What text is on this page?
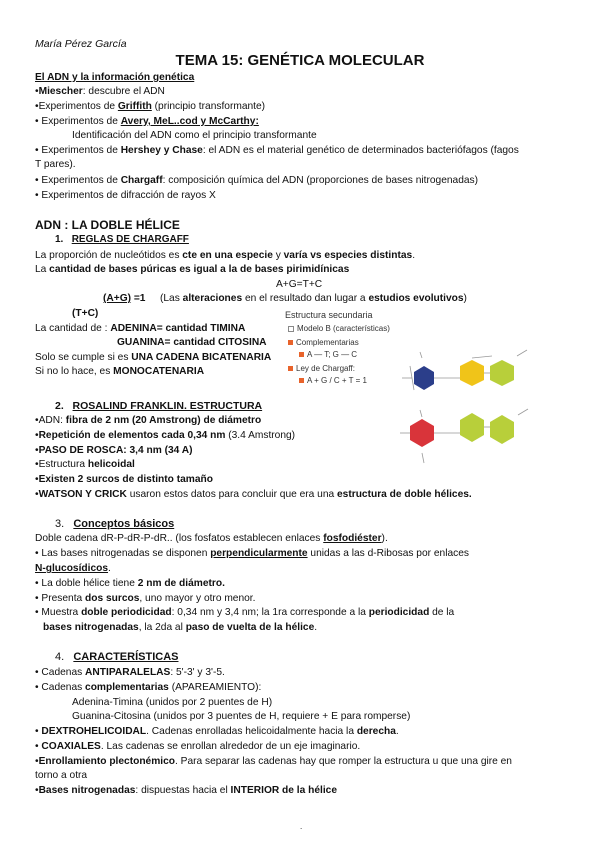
María Pérez García
TEMA 15: GENÉTICA MOLECULAR
El ADN y la información genética
•Miescher: descubre el ADN
•Experimentos de Griffith (principio transformante)
• Experimentos de Avery, MeL..cod y McCarthy:
Identificación del ADN como el principio transformante
• Experimentos de Hershey y Chase: el ADN es el material genético de determinados bacteriófagos (fagos
T pares).
• Experimentos de Chargaff: composición química del ADN (proporciones de bases nitrogenadas)
• Experimentos de difracción de rayos X
ADN : LA DOBLE HÉLICE
1. REGLAS DE CHARGAFF
La proporción de nucleótidos es cte en una especie y varía vs especies distintas.
La cantidad de bases púricas es igual a la de bases pirimidínicas
A+G=T+C
(A+G) =1 (Las alteraciones en el resultado dan lugar a estudios evolutivos)
(T+C)
La cantidad de : ADENINA= cantidad TIMINA
GUANINA= cantidad CITOSINA
Solo se cumple si es UNA CADENA BICATENARIA
Si no lo hace, es MONOCATENARIA
Estructura secundaria
Modelo B (características)
Complementarias
A — T; G — C
Ley de Chargaff:
A + G / C + T = 1
2. ROSALIND FRANKLIN. ESTRUCTURA
•ADN: fibra de 2 nm (20 Amstrong) de diámetro
•Repetición de elementos cada 0,34 nm (3.4 Amstrong)
•PASO DE ROSCA: 3,4 nm (34 A)
•Estructura helicoidal
•Existen 2 surcos de distinto tamaño
•WATSON Y CRICK usaron estos datos para concluir que era una estructura de doble hélices.
3. Conceptos básicos
Doble cadena dR-P-dR-P-dR.. (los fosfatos establecen enlaces fosfodiéster).
• Las bases nitrogenadas se disponen perpendicularmente unidas a las d-Ribosas por enlaces
N-glucosídicos.
• La doble hélice tiene 2 nm de diámetro.
• Presenta dos surcos, uno mayor y otro menor.
• Muestra doble periodicidad: 0,34 nm y 3,4 nm; la 1ra corresponde a la periodicidad de la
bases nitrogenadas, la 2da al paso de vuelta de la hélice.
4. CARACTERÍSTICAS
• Cadenas ANTIPARALELAS: 5'-3' y 3'-5.
• Cadenas complementarias (APAREAMIENTO):
Adenina-Timina (unidos por 2 puentes de H)
Guanina-Citosina (unidos por 3 puentes de H, requiere + E para romperse)
• DEXTROHELICOIDAL. Cadenas enrolladas helicoidalmente hacia la derecha.
• COAXIALES. Las cadenas se enrollan alrededor de un eje imaginario.
•Enrollamiento plectonémico. Para separar las cadenas hay que romper la estructura u que una gire en
torno a otra
•Bases nitrogenadas: dispuestas hacia el INTERIOR de la hélice
.
